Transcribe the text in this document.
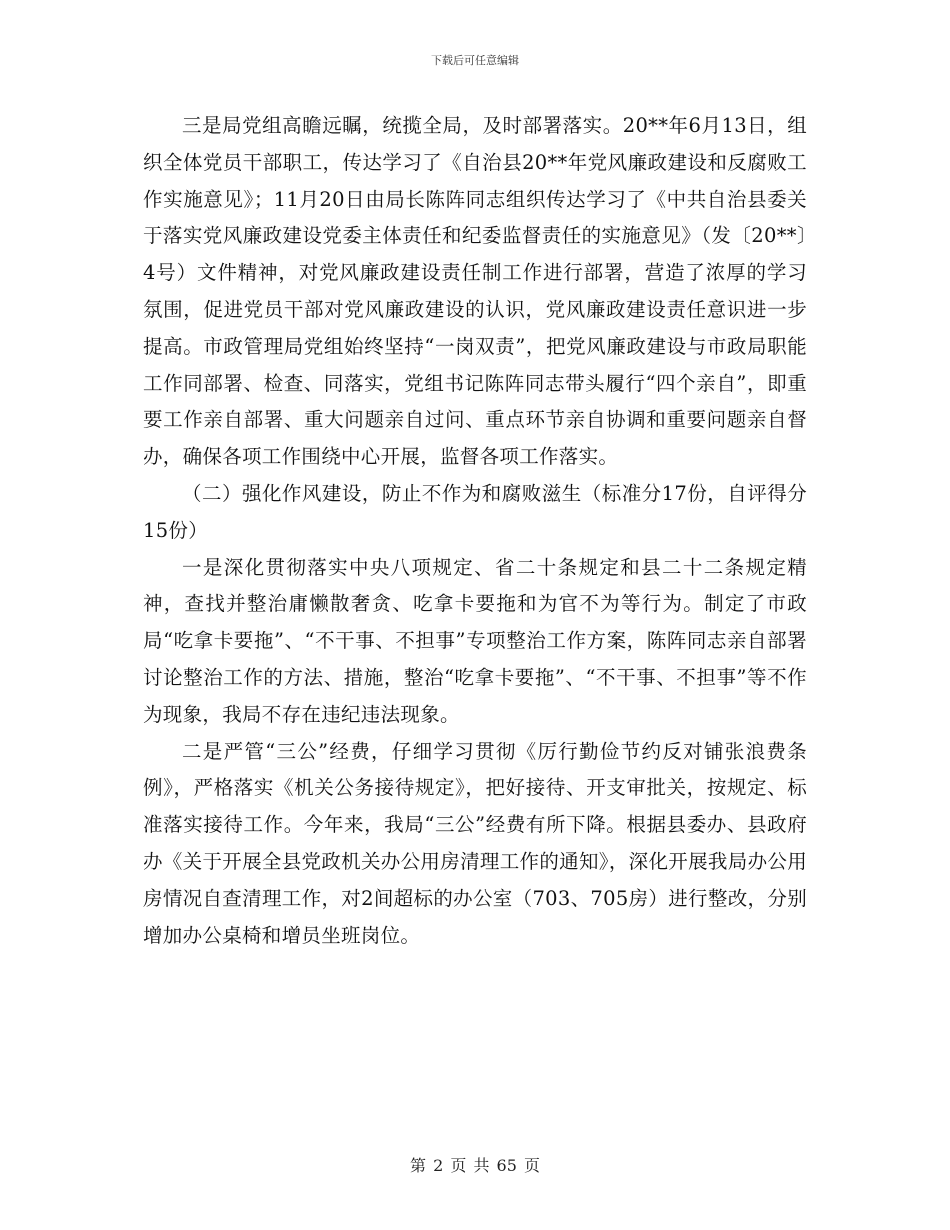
下载后可任意编辑

三是局党组高瞻远瞩，统揽全局，及时部署落实。20**年6月13日，组织全体党员干部职工，传达学习了《自治县20**年党风廉政建设和反腐败工作实施意见》；11月20日由局长陈阵同志组织传达学习了《中共自治县委关于落实党风廉政建设党委主体责任和纪委监督责任的实施意见》（发〔20**〕4号）文件精神，对党风廉政建设责任制工作进行部署，营造了浓厚的学习氛围，促进党员干部对党风廉政建设的认识，党风廉政建设责任意识进一步提高。市政管理局党组始终坚持“一岗双责”，把党风廉政建设与市政局职能工作同部署、检查、同落实，党组书记陈阵同志带头履行“四个亲自”，即重要工作亲自部署、重大问题亲自过问、重点环节亲自协调和重要问题亲自督办，确保各项工作围绕中心开展，监督各项工作落实。

（二）强化作风建设，防止不作为和腐败滋生（标准分17份，自评得分15份）

一是深化贯彻落实中央八项规定、省二十条规定和县二十二条规定精神，查找并整治庸懒散奢贪、吃拿卡要拖和为官不为等行为。制定了市政局“吃拿卡要拖”、“不干事、不担事”专项整治工作方案，陈阵同志亲自部署讨论整治工作的方法、措施，整治“吃拿卡要拖”、“不干事、不担事”等不作为现象，我局不存在违纪违法现象。

二是严管“三公”经费，仔细学习贯彻《厉行勤俭节约反对铺张浪费条例》，严格落实《机关公务接待规定》，把好接待、开支审批关，按规定、标准落实接待工作。今年来，我局“三公”经费有所下降。根据县委办、县政府办《关于开展全县党政机关办公用房清理工作的通知》，深化开展我局办公用房情况自查清理工作，对2间超标的办公室（703、705房）进行整改，分别增加办公桌椅和增员坐班岗位。

第 2 页 共 65 页
